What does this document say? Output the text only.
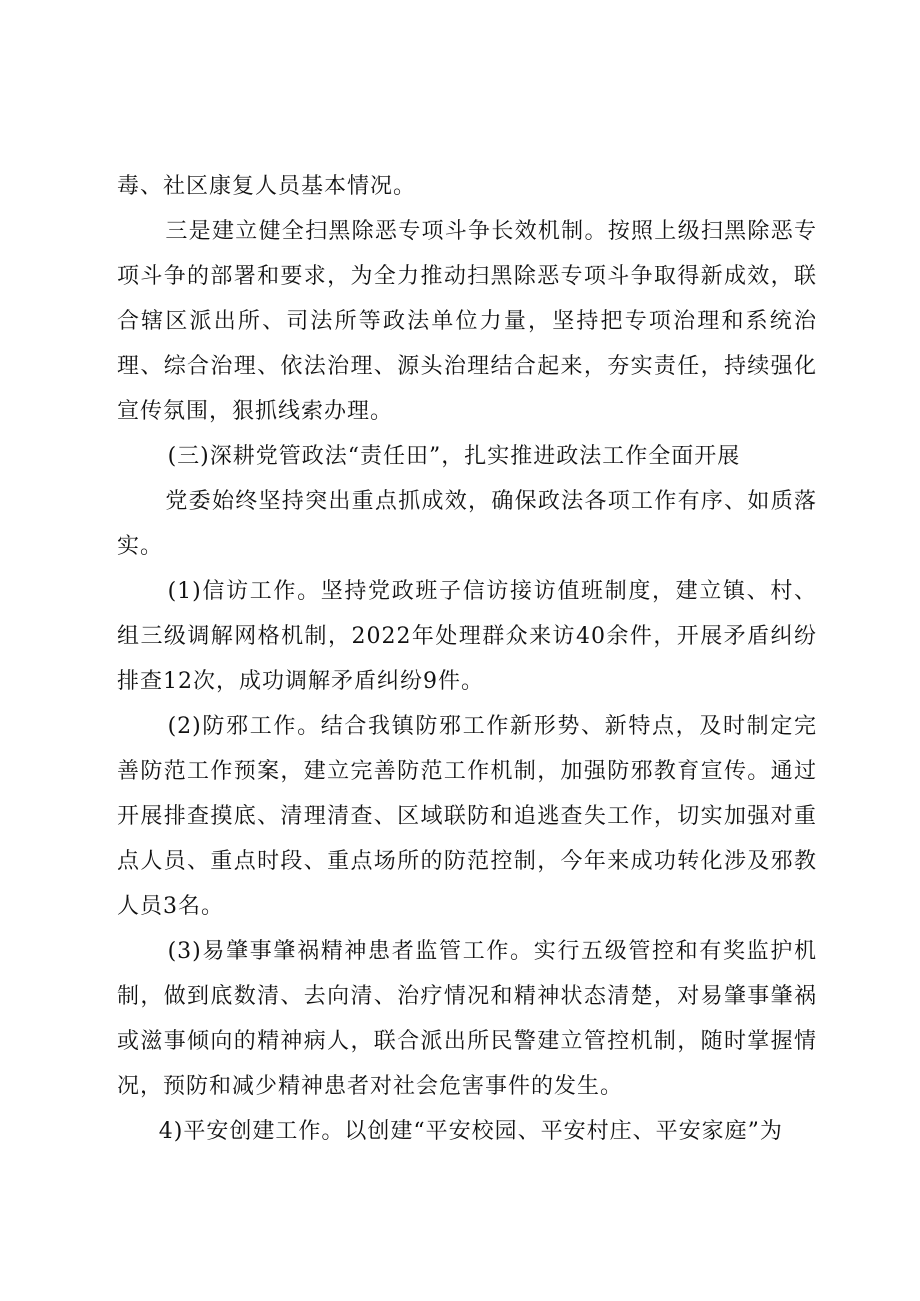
毒、社区康复人员基本情况。

三是建立健全扫黑除恶专项斗争长效机制。按照上级扫黑除恶专项斗争的部署和要求，为全力推动扫黑除恶专项斗争取得新成效，联合辖区派出所、司法所等政法单位力量，坚持把专项治理和系统治理、综合治理、依法治理、源头治理结合起来，夯实责任，持续强化宣传氛围，狠抓线索办理。

(三)深耕党管政法“责任田”，扎实推进政法工作全面开展

党委始终坚持突出重点抓成效，确保政法各项工作有序、如质落实。

(1)信访工作。坚持党政班子信访接访值班制度，建立镇、村、组三级调解网格机制，2022年处理群众来访40余件，开展矛盾纠纷排查12次，成功调解矛盾纠纷9件。

(2)防邪工作。结合我镇防邪工作新形势、新特点，及时制定完善防范工作预案，建立完善防范工作机制，加强防邪教育宣传。通过开展排查摸底、清理清查、区域联防和追逃查失工作，切实加强对重点人员、重点时段、重点场所的防范控制，今年来成功转化涉及邪教人员3名。

(3)易肇事肇祸精神患者监管工作。实行五级管控和有奖监护机制，做到底数清、去向清、治疗情况和精神状态清楚，对易肇事肇祸或滋事倾向的精神病人，联合派出所民警建立管控机制，随时掌握情况，预防和减少精神患者对社会危害事件的发生。

4)平安创建工作。以创建“平安校园、平安村庄、平安家庭”为
